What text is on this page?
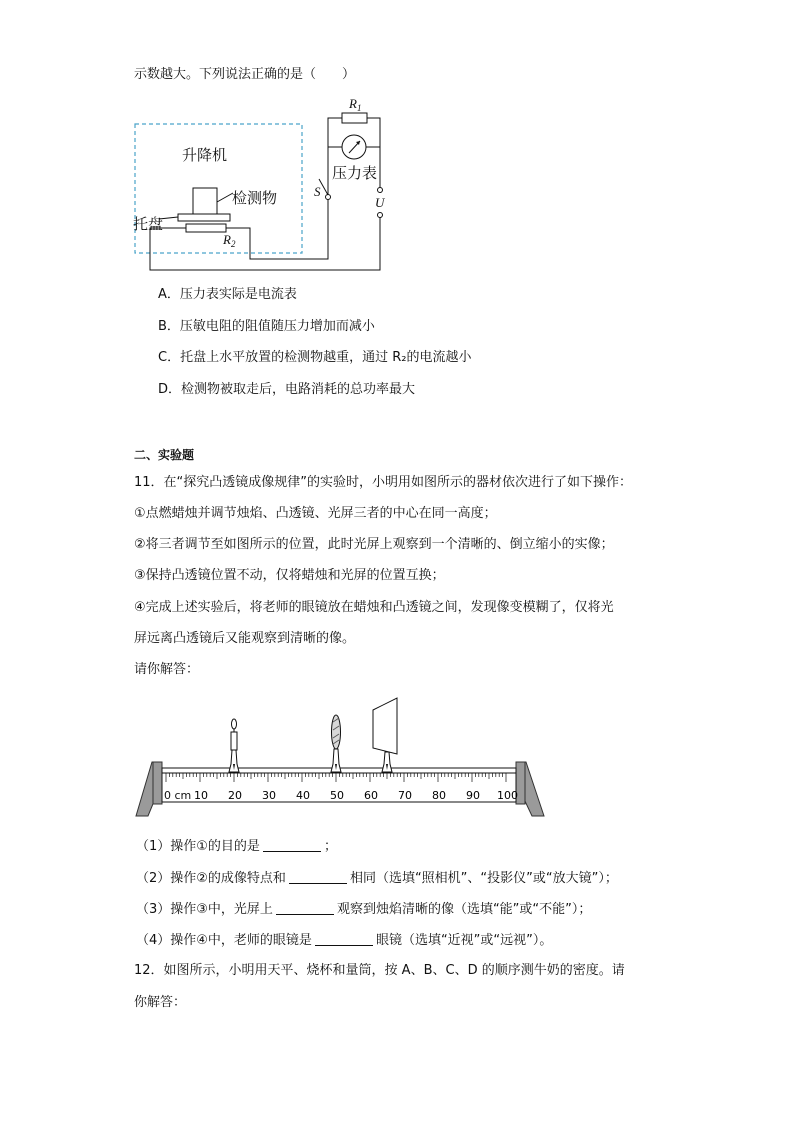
示数越大。下列说法正确的是（　　）
升降机
检测物
托盘
$R_2$
$R_1$
压力表
S
U
A．压力表实际是电流表
B．压敏电阻的阻值随压力增加而减小
C．托盘上水平放置的检测物越重，通过 R₂的电流越小
D．检测物被取走后，电路消耗的总功率最大
二、实验题
11．在“探究凸透镜成像规律”的实验时，小明用如图所示的器材依次进行了如下操作：
①点燃蜡烛并调节烛焰、凸透镜、光屏三者的中心在同一高度；
②将三者调节至如图所示的位置，此时光屏上观察到一个清晰的、倒立缩小的实像；
③保持凸透镜位置不动，仅将蜡烛和光屏的位置互换；
④完成上述实验后，将老师的眼镜放在蜡烛和凸透镜之间，发现像变模糊了，仅将光
屏远离凸透镜后又能观察到清晰的像。
请你解答：
0 cm 10 20 30 40 50 60 70 80 90 100
（1）操作①的目的是	；
（2）操作②的成像特点和	相同（选填“照相机”、“投影仪”或“放大镜”）；
（3）操作③中，光屏上	观察到烛焰清晰的像（选填“能”或“不能”）；
（4）操作④中，老师的眼镜是	眼镜（选填“近视”或“远视”）。
12．如图所示，小明用天平、烧杯和量筒，按 A、B、C、D 的顺序测牛奶的密度。请
你解答：
